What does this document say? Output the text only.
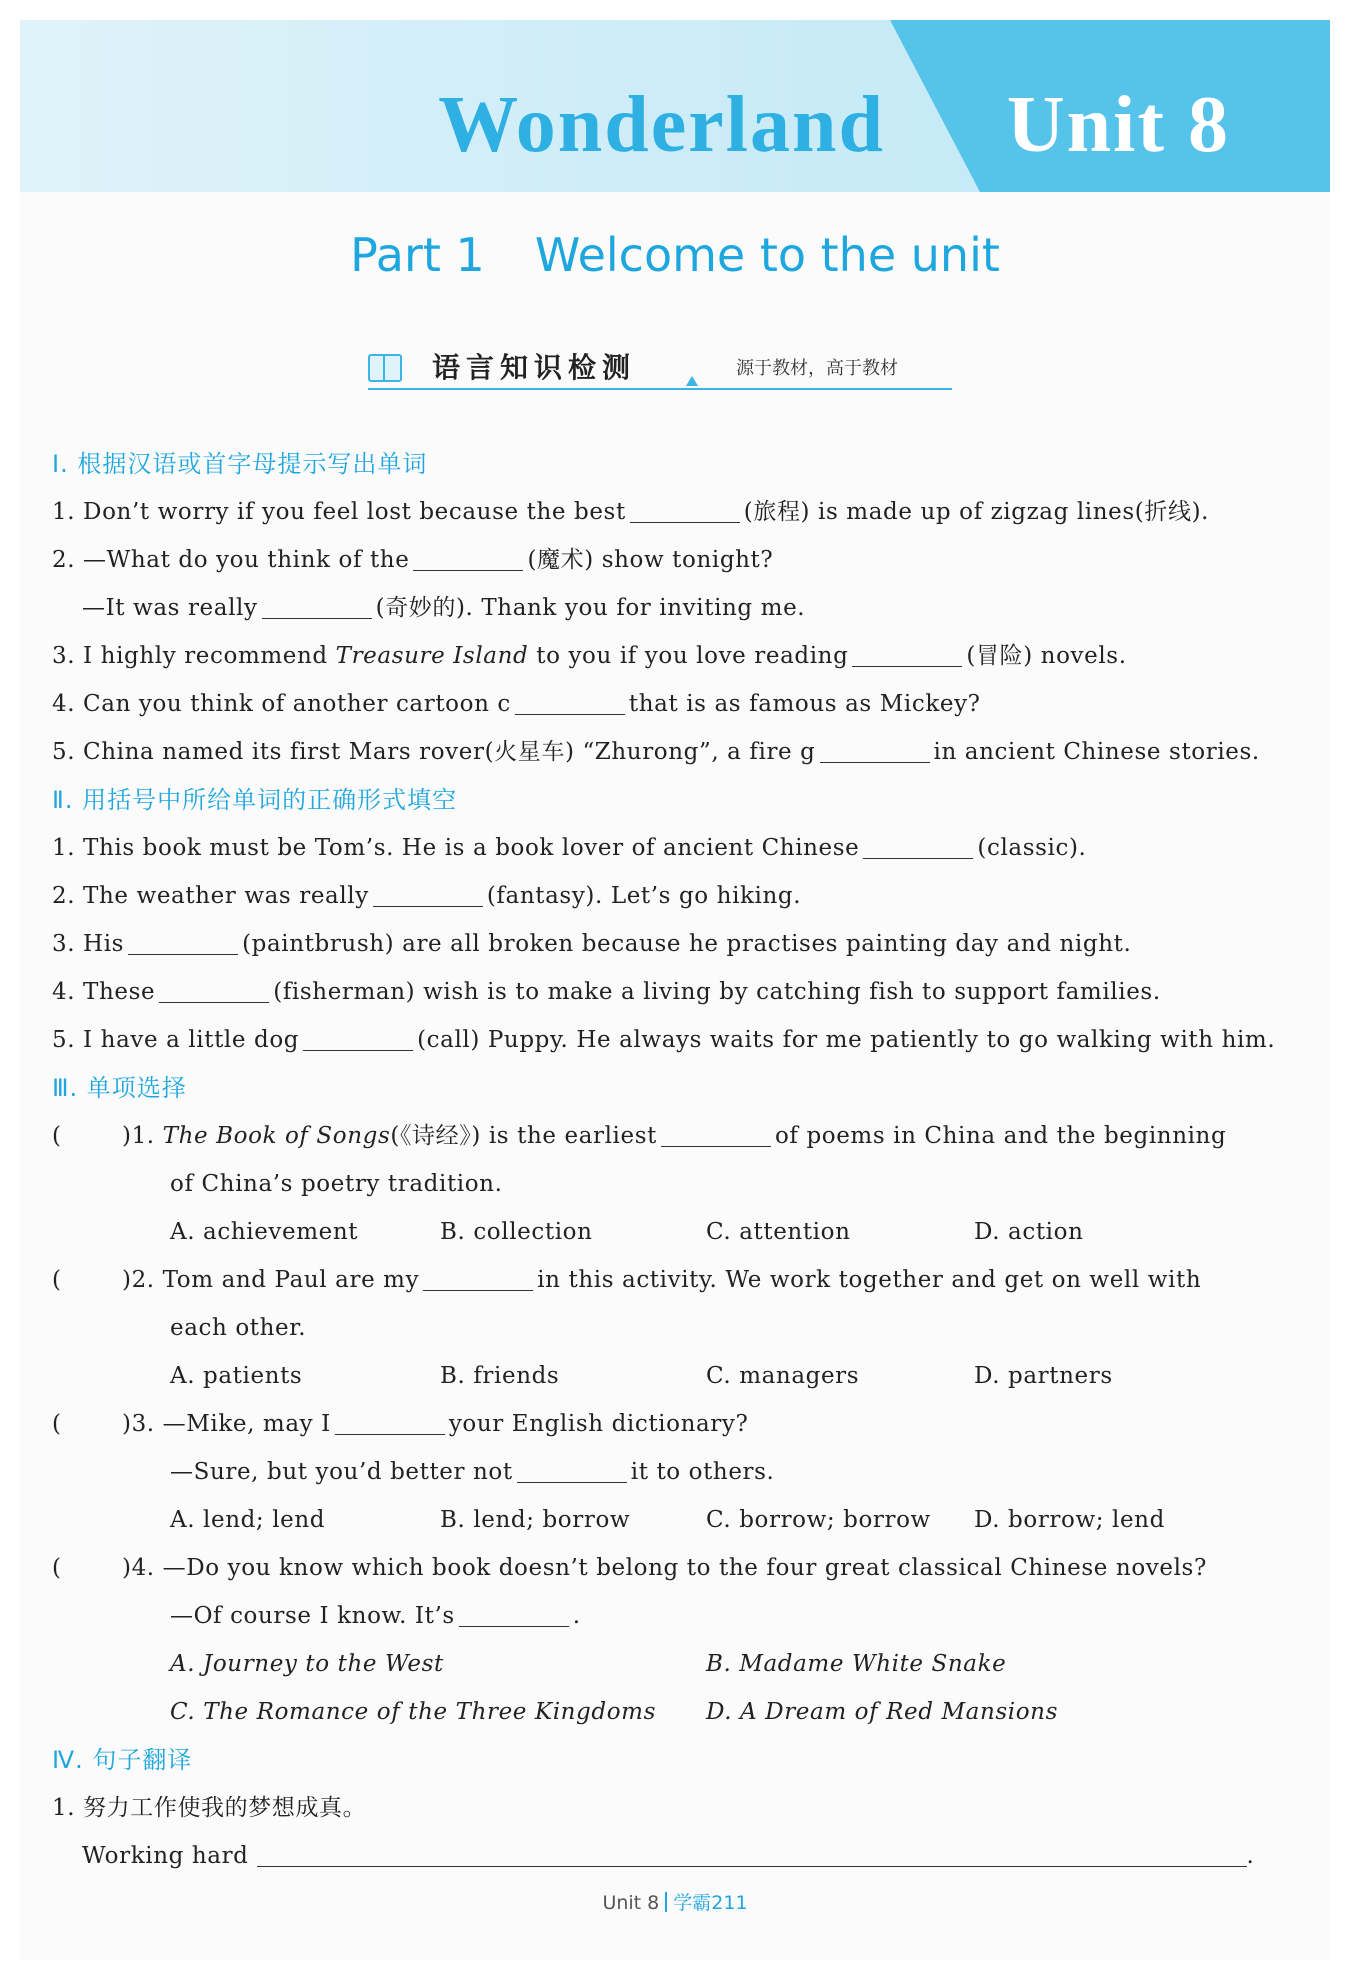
Wonderland Unit 8
Part 1 Welcome to the unit
语言知识检测	源于教材，高于教材
Ⅰ. 根据汉语或首字母提示写出单词
1. Don’t worry if you feel lost because the best	(旅程) is made up of zigzag lines(折线).
2. —What do you think of the	(魔术) show tonight?
—It was really	(奇妙的). Thank you for inviting me.
3. I highly recommend Treasure Island to you if you love reading	(冒险) novels.
4. Can you think of another cartoon c	that is as famous as Mickey?
5. China named its first Mars rover(火星车) “Zhurong”, a fire g	in ancient Chinese stories.
Ⅱ. 用括号中所给单词的正确形式填空
1. This book must be Tom’s. He is a book lover of ancient Chinese	(classic).
2. The weather was really	(fantasy). Let’s go hiking.
3. His	(paintbrush) are all broken because he practises painting day and night.
4. These	(fisherman) wish is to make a living by catching fish to support families.
5. I have a little dog	(call) Puppy. He always waits for me patiently to go walking with him.
Ⅲ. 单项选择
(	)1. The Book of Songs(《诗经》) is the earliest	of poems in China and the beginning
of China’s poetry tradition.
A. achievement	B. collection	C. attention	D. action
(	)2. Tom and Paul are my	in this activity. We work together and get on well with
each other.
A. patients	B. friends	C. managers	D. partners
(	)3. —Mike, may I	your English dictionary?
—Sure, but you’d better not	it to others.
A. lend; lend	B. lend; borrow	C. borrow; borrow D. borrow; lend
(	)4. —Do you know which book doesn’t belong to the four great classical Chinese novels?
—Of course I know. It’s	.
A. Journey to the West	B. Madame White Snake
C. The Romance of the Three Kingdoms D. A Dream of Red Mansions
Ⅳ. 句子翻译
1. 努力工作使我的梦想成真。
Working hard	.
Unit 8 学霸211
